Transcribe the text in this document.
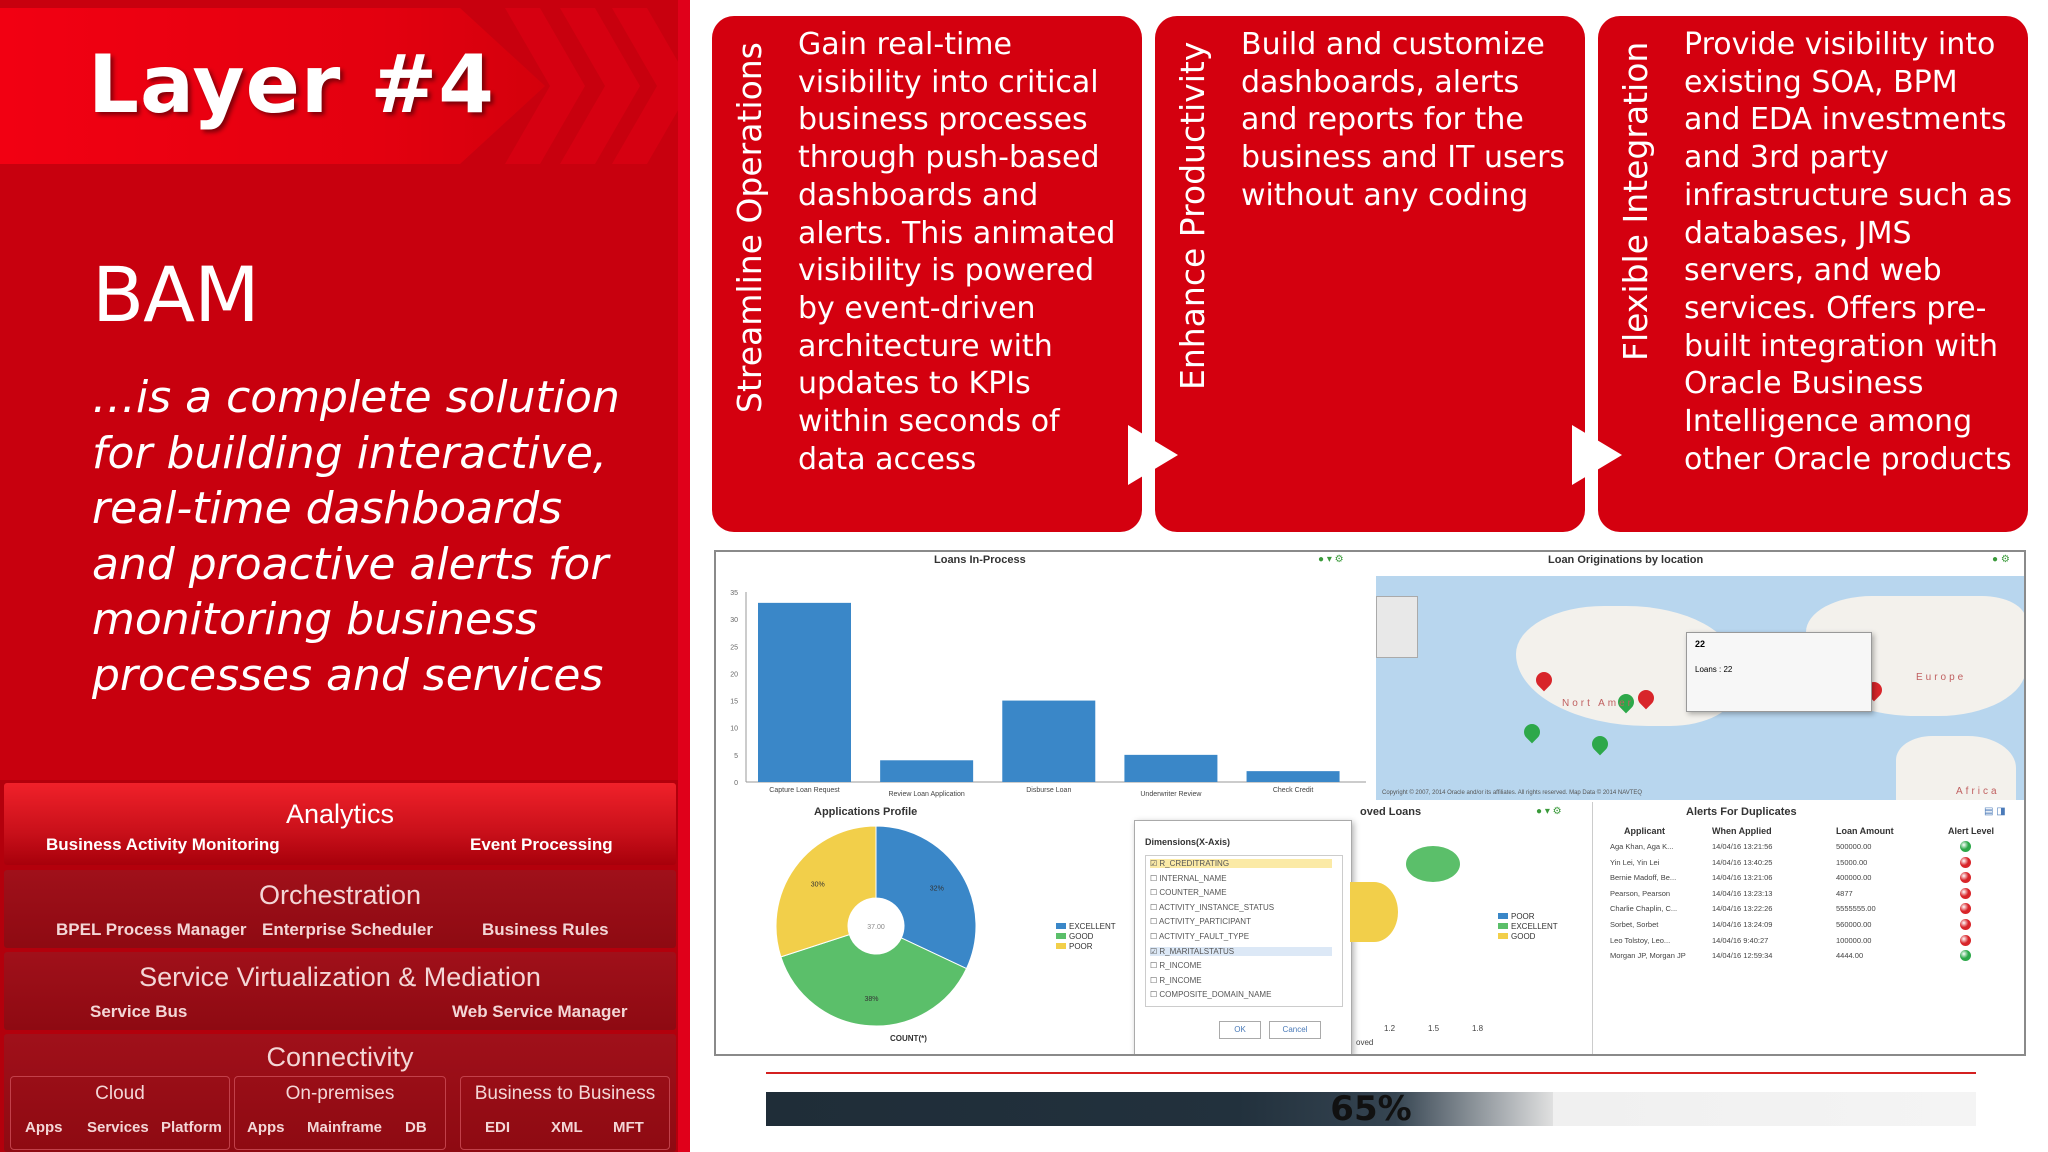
Layer #4
BAM
…is a complete solution for building interactive, real-time dashboards and proactive alerts for monitoring business processes and services
Analytics
Business Activity Monitoring	Event Processing
Orchestration
BPEL Process Manager Enterprise Scheduler	Business Rules
Service Virtualization & Mediation
Service Bus	Web Service Manager
Connectivity
Cloud
Apps Services Platform
On-premises
Apps Mainframe DB
Business to Business
EDI	XML MFT
Streamline Operations Gain real-time visibility into critical business processes through push-based dashboards and alerts. This animated visibility is powered by event-driven architecture with updates to KPIs within seconds of data access
Enhance Productivity Build and customize dashboards, alerts and reports for the business and IT users without any coding	Flexible Integration Provide visibility into existing SOA, BPM and EDA investments and 3rd party infrastructure such as databases, JMS servers, and web services. Offers pre-built integration with Oracle Business Intelligence among other Oracle products
Loans In-Process	● ▾ ⚙
0
5
10
15
20
25
30
35
Capture Loan Request
Review Loan Application
Disburse Loan
Underwriter Review
Check Credit
Loan Originations by location	● ⚙
22
Loans : 22
Nort Amer
Europe
Africa
Copyright © 2007, 2014 Oracle and/or its affiliates. All rights reserved. Map Data © 2014 NAVTEQ
Applications Profile
32%
38%
30%
37.00	EXCELLENT
GOOD
POOR
COUNT(*)
Dimensions(X-Axis)
☑ R_CREDITRATING
☐ INTERNAL_NAME
☐ COUNTER_NAME
☐ ACTIVITY_INSTANCE_STATUS
☐ ACTIVITY_PARTICIPANT
☐ ACTIVITY_FAULT_TYPE
☑ R_MARITALSTATUS
☐ R_INCOME
☐ R_INCOME
☐ COMPOSITE_DOMAIN_NAME
OK	Cancel
oved Loans	● ▾ ⚙
POOR
EXCELLENT
GOOD
1.2	1.5	1.8
oved
Alerts For Duplicates	▤ ◨
Applicant	When Applied	Loan Amount	Alert Level
Aga Khan, Aga K...	14/04/16 13:21:56	500000.00
Yin Lei, Yin Lei	14/04/16 13:40:25	15000.00
Bernie Madoff, Be...	14/04/16 13:21:06	400000.00
Pearson, Pearson	14/04/16 13:23:13	4877
Charlie Chaplin, C...	14/04/16 13:22:26	5555555.00
Sorbet, Sorbet	14/04/16 13:24:09	560000.00
Leo Tolstoy, Leo...	14/04/16 9:40:27	100000.00
Morgan JP, Morgan JP	14/04/16 12:59:34	4444.00
65%
